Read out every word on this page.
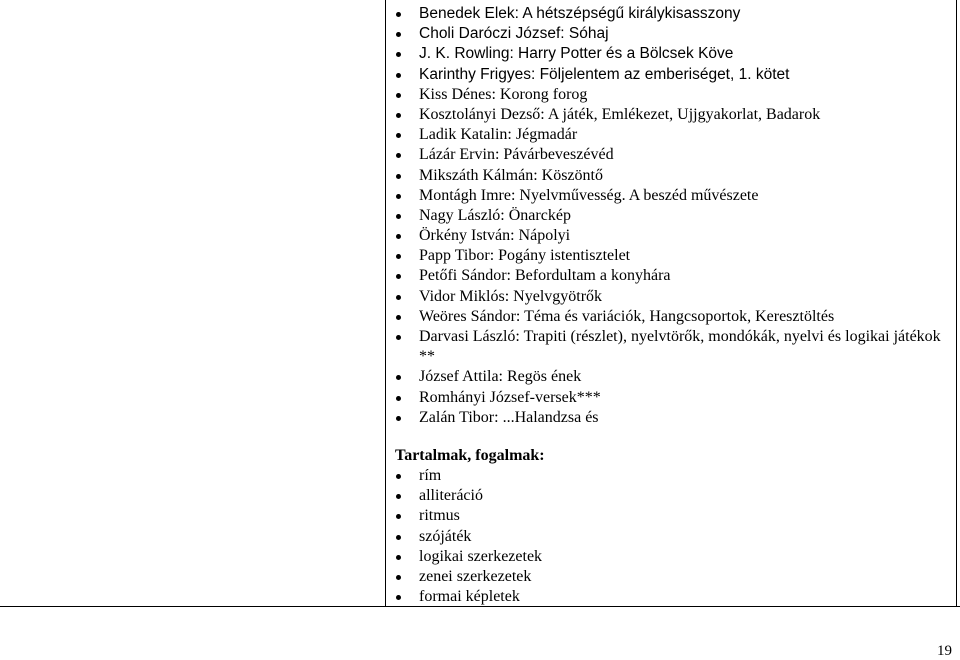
Benedek Elek: A hétszépségű királykisasszony
Choli Daróczi József: Sóhaj
J. K. Rowling: Harry Potter és a Bölcsek Köve
Karinthy Frigyes: Följelentem az emberiséget, 1. kötet
Kiss Dénes: Korong forog
Kosztolányi Dezső: A játék, Emlékezet, Ujjgyakorlat, Badarok
Ladik Katalin: Jégmadár
Lázár Ervin: Pávárbeveszévéd
Mikszáth Kálmán: Köszöntő
Montágh Imre: Nyelvművesség. A beszéd művészete
Nagy László: Önarckép
Örkény István: Nápolyi
Papp Tibor: Pogány istentisztelet
Petőfi Sándor: Befordultam a konyhára
Vidor Miklós: Nyelvgyötrők
Weöres Sándor: Téma és variációk, Hangcsoportok, Keresztöltés
Darvasi László: Trapiti (részlet), nyelvtörők, mondókák, nyelvi és logikai játékok **
József Attila: Regös ének
Romhányi József-versek***
Zalán Tibor: ...Halandzsa és
Tartalmak, fogalmak:
rím
alliteráció
ritmus
szójáték
logikai szerkezetek
zenei szerkezetek
formai képletek
19
